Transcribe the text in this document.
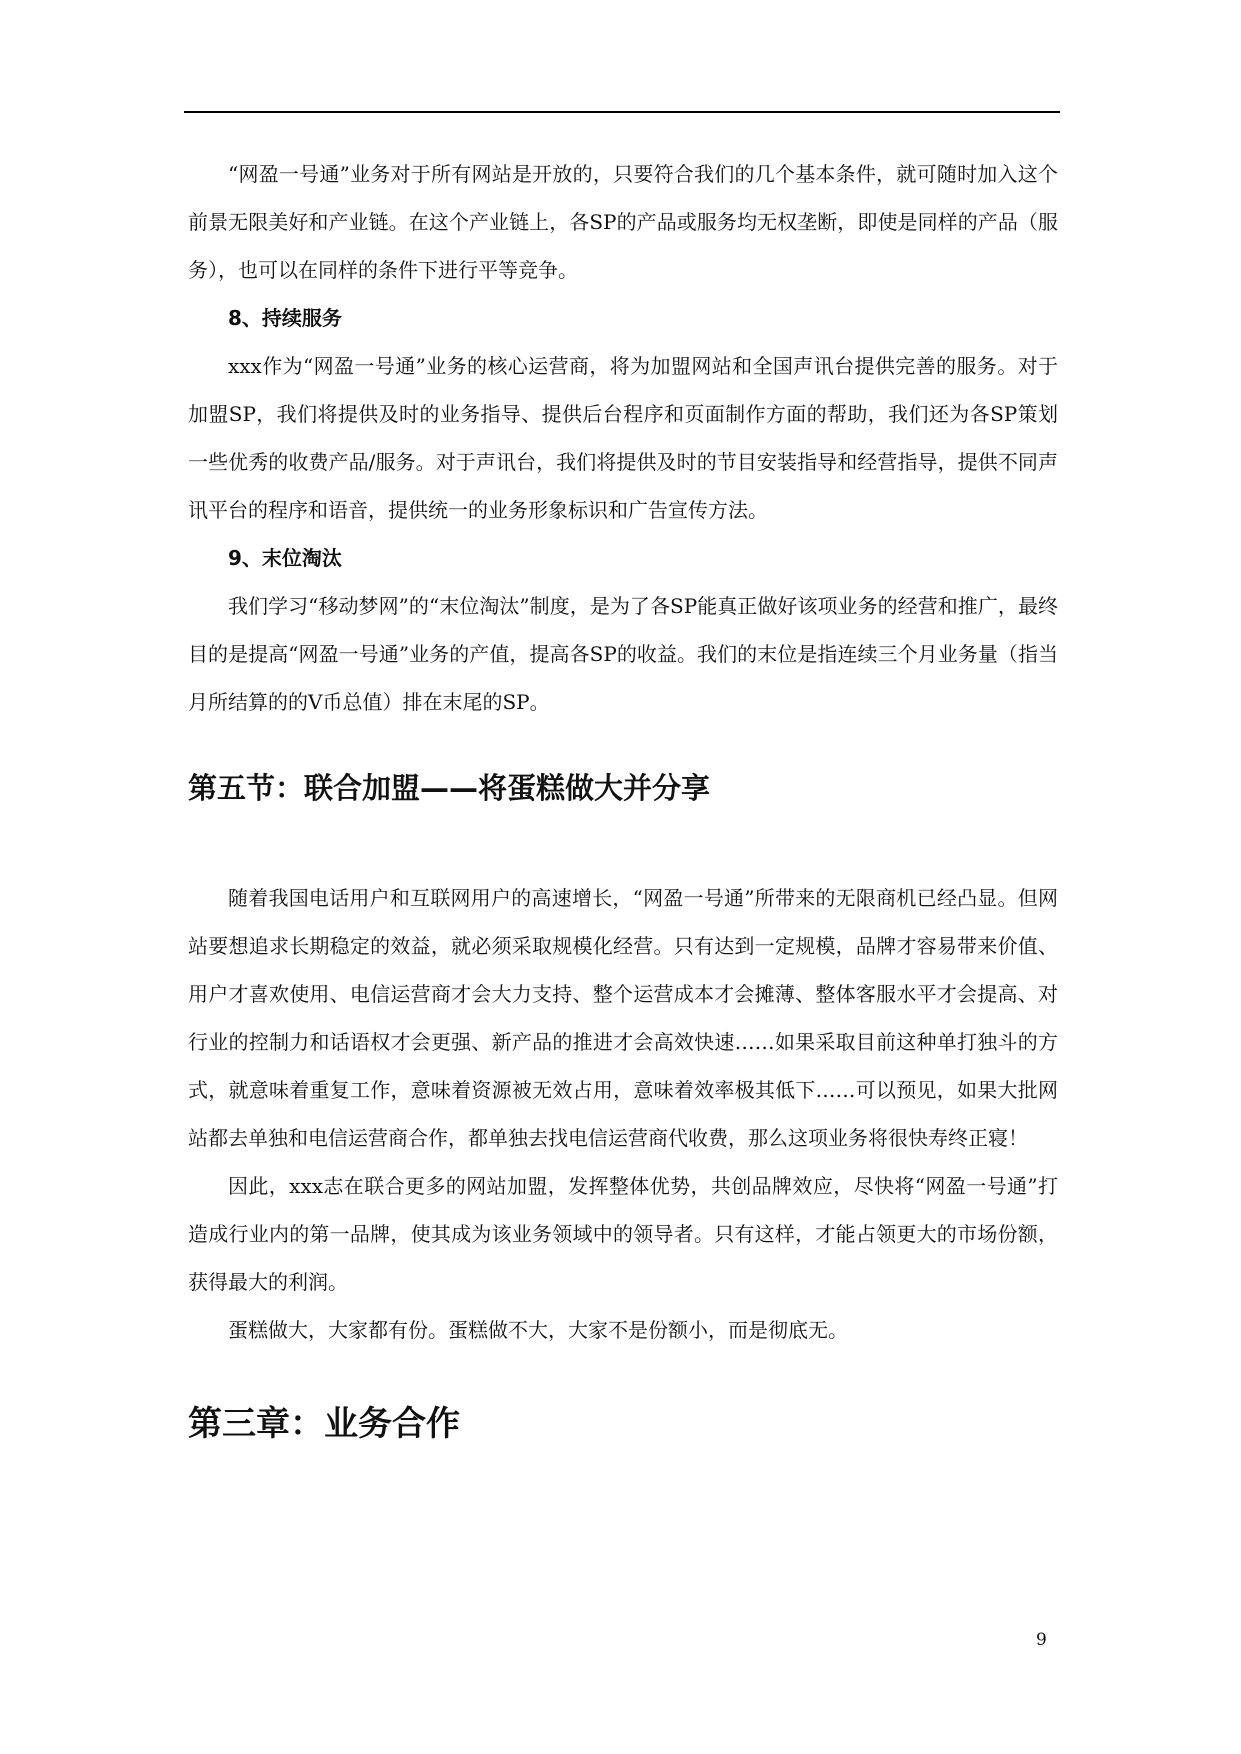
“网盈一号通”业务对于所有网站是开放的，只要符合我们的几个基本条件，就可随时加入这个前景无限美好和产业链。在这个产业链上，各SP的产品或服务均无权垄断，即使是同样的产品（服务），也可以在同样的条件下进行平等竞争。

8、持续服务

xxx作为“网盈一号通”业务的核心运营商，将为加盟网站和全国声讯台提供完善的服务。对于加盟SP，我们将提供及时的业务指导、提供后台程序和页面制作方面的帮助，我们还为各SP策划一些优秀的收费产品/服务。对于声讯台，我们将提供及时的节目安装指导和经营指导，提供不同声讯平台的程序和语音，提供统一的业务形象标识和广告宣传方法。

9、末位淘汰

我们学习“移动梦网”的“末位淘汰”制度，是为了各SP能真正做好该项业务的经营和推广，最终目的是提高“网盈一号通”业务的产值，提高各SP的收益。我们的末位是指连续三个月业务量（指当月所结算的的V币总值）排在末尾的SP。

第五节：联合加盟——将蛋糕做大并分享

随着我国电话用户和互联网用户的高速增长，“网盈一号通”所带来的无限商机已经凸显。但网站要想追求长期稳定的效益，就必须采取规模化经营。只有达到一定规模，品牌才容易带来价值、用户才喜欢使用、电信运营商才会大力支持、整个运营成本才会摊薄、整体客服水平才会提高、对行业的控制力和话语权才会更强、新产品的推进才会高效快速……如果采取目前这种单打独斗的方式，就意味着重复工作，意味着资源被无效占用，意味着效率极其低下……可以预见，如果大批网站都去单独和电信运营商合作，都单独去找电信运营商代收费，那么这项业务将很快寿终正寝！

因此，xxx志在联合更多的网站加盟，发挥整体优势，共创品牌效应，尽快将“网盈一号通”打造成行业内的第一品牌，使其成为该业务领域中的领导者。只有这样，才能占领更大的市场份额，获得最大的利润。

蛋糕做大，大家都有份。蛋糕做不大，大家不是份额小，而是彻底无。

第三章：业务合作
9
